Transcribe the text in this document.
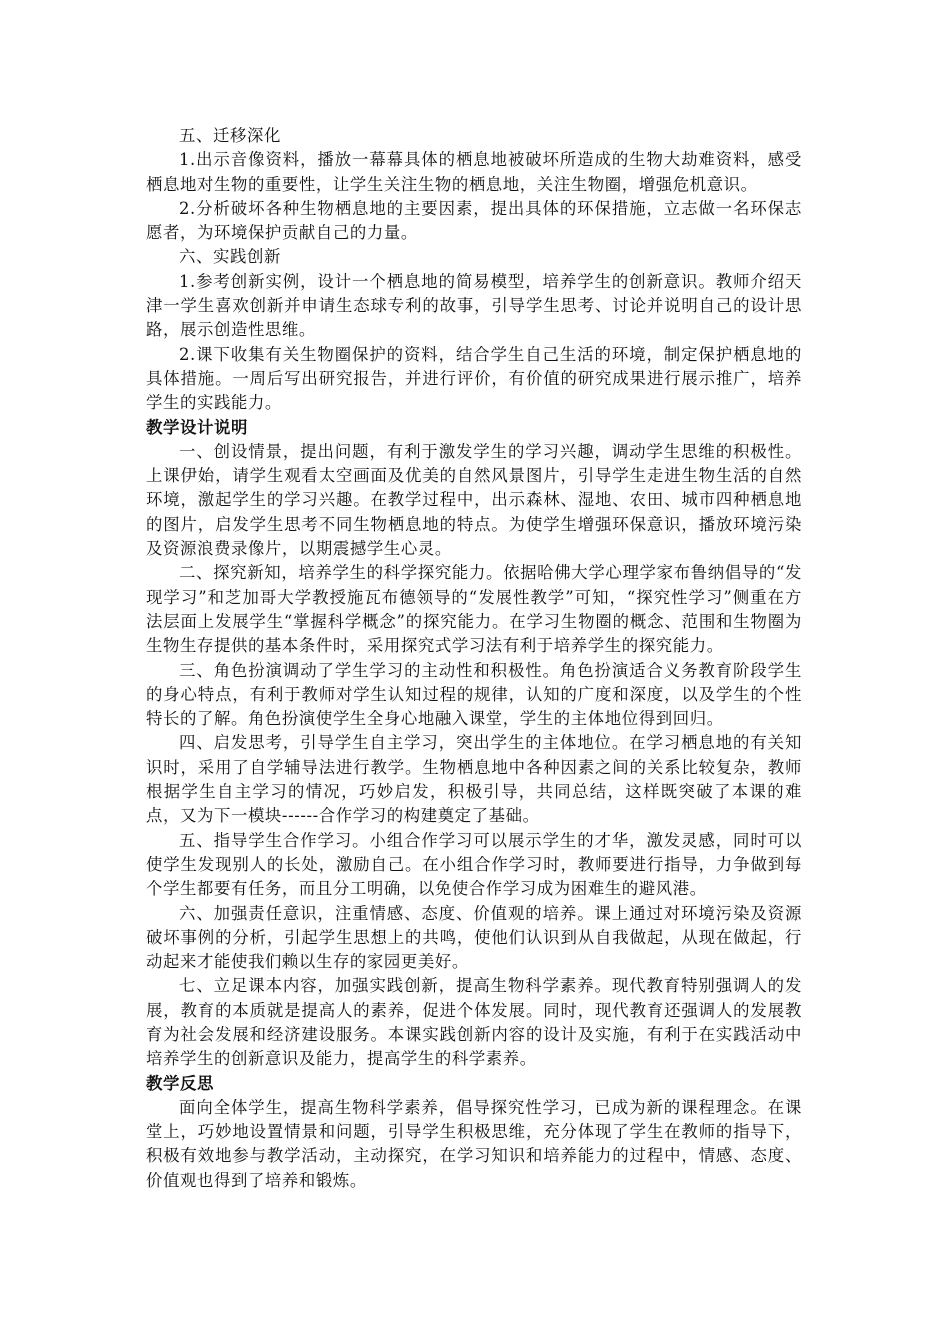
五、迁移深化

1.出示音像资料，播放一幕幕具体的栖息地被破坏所造成的生物大劫难资料，感受栖息地对生物的重要性，让学生关注生物的栖息地，关注生物圈，增强危机意识。

2.分析破坏各种生物栖息地的主要因素，提出具体的环保措施，立志做一名环保志愿者，为环境保护贡献自己的力量。

六、实践创新

1.参考创新实例，设计一个栖息地的简易模型，培养学生的创新意识。教师介绍天津一学生喜欢创新并申请生态球专利的故事，引导学生思考、讨论并说明自己的设计思路，展示创造性思维。

2.课下收集有关生物圈保护的资料，结合学生自己生活的环境，制定保护栖息地的具体措施。一周后写出研究报告，并进行评价，有价值的研究成果进行展示推广，培养学生的实践能力。

教学设计说明

一、创设情景，提出问题，有利于激发学生的学习兴趣，调动学生思维的积极性。上课伊始，请学生观看太空画面及优美的自然风景图片，引导学生走进生物生活的自然环境，激起学生的学习兴趣。在教学过程中，出示森林、湿地、农田、城市四种栖息地的图片，启发学生思考不同生物栖息地的特点。为使学生增强环保意识，播放环境污染及资源浪费录像片，以期震撼学生心灵。

二、探究新知，培养学生的科学探究能力。依据哈佛大学心理学家布鲁纳倡导的“发现学习”和芝加哥大学教授施瓦布德领导的“发展性教学”可知，“探究性学习”侧重在方法层面上发展学生“掌握科学概念”的探究能力。在学习生物圈的概念、范围和生物圈为生物生存提供的基本条件时，采用探究式学习法有利于培养学生的探究能力。

三、角色扮演调动了学生学习的主动性和积极性。角色扮演适合义务教育阶段学生的身心特点，有利于教师对学生认知过程的规律，认知的广度和深度，以及学生的个性特长的了解。角色扮演使学生全身心地融入课堂，学生的主体地位得到回归。

四、启发思考，引导学生自主学习，突出学生的主体地位。在学习栖息地的有关知识时，采用了自学辅导法进行教学。生物栖息地中各种因素之间的关系比较复杂，教师根据学生自主学习的情况，巧妙启发，积极引导，共同总结，这样既突破了本课的难点，又为下一模块------合作学习的构建奠定了基础。

五、指导学生合作学习。小组合作学习可以展示学生的才华，激发灵感，同时可以使学生发现别人的长处，激励自己。在小组合作学习时，教师要进行指导，力争做到每个学生都要有任务，而且分工明确，以免使合作学习成为困难生的避风港。

六、加强责任意识，注重情感、态度、价值观的培养。课上通过对环境污染及资源破坏事例的分析，引起学生思想上的共鸣，使他们认识到从自我做起，从现在做起，行动起来才能使我们赖以生存的家园更美好。

七、立足课本内容，加强实践创新，提高生物科学素养。现代教育特别强调人的发展，教育的本质就是提高人的素养，促进个体发展。同时，现代教育还强调人的发展教育为社会发展和经济建设服务。本课实践创新内容的设计及实施，有利于在实践活动中培养学生的创新意识及能力，提高学生的科学素养。

教学反思

面向全体学生，提高生物科学素养，倡导探究性学习，已成为新的课程理念。在课堂上，巧妙地设置情景和问题，引导学生积极思维，充分体现了学生在教师的指导下，积极有效地参与教学活动，主动探究，在学习知识和培养能力的过程中，情感、态度、价值观也得到了培养和锻炼。
